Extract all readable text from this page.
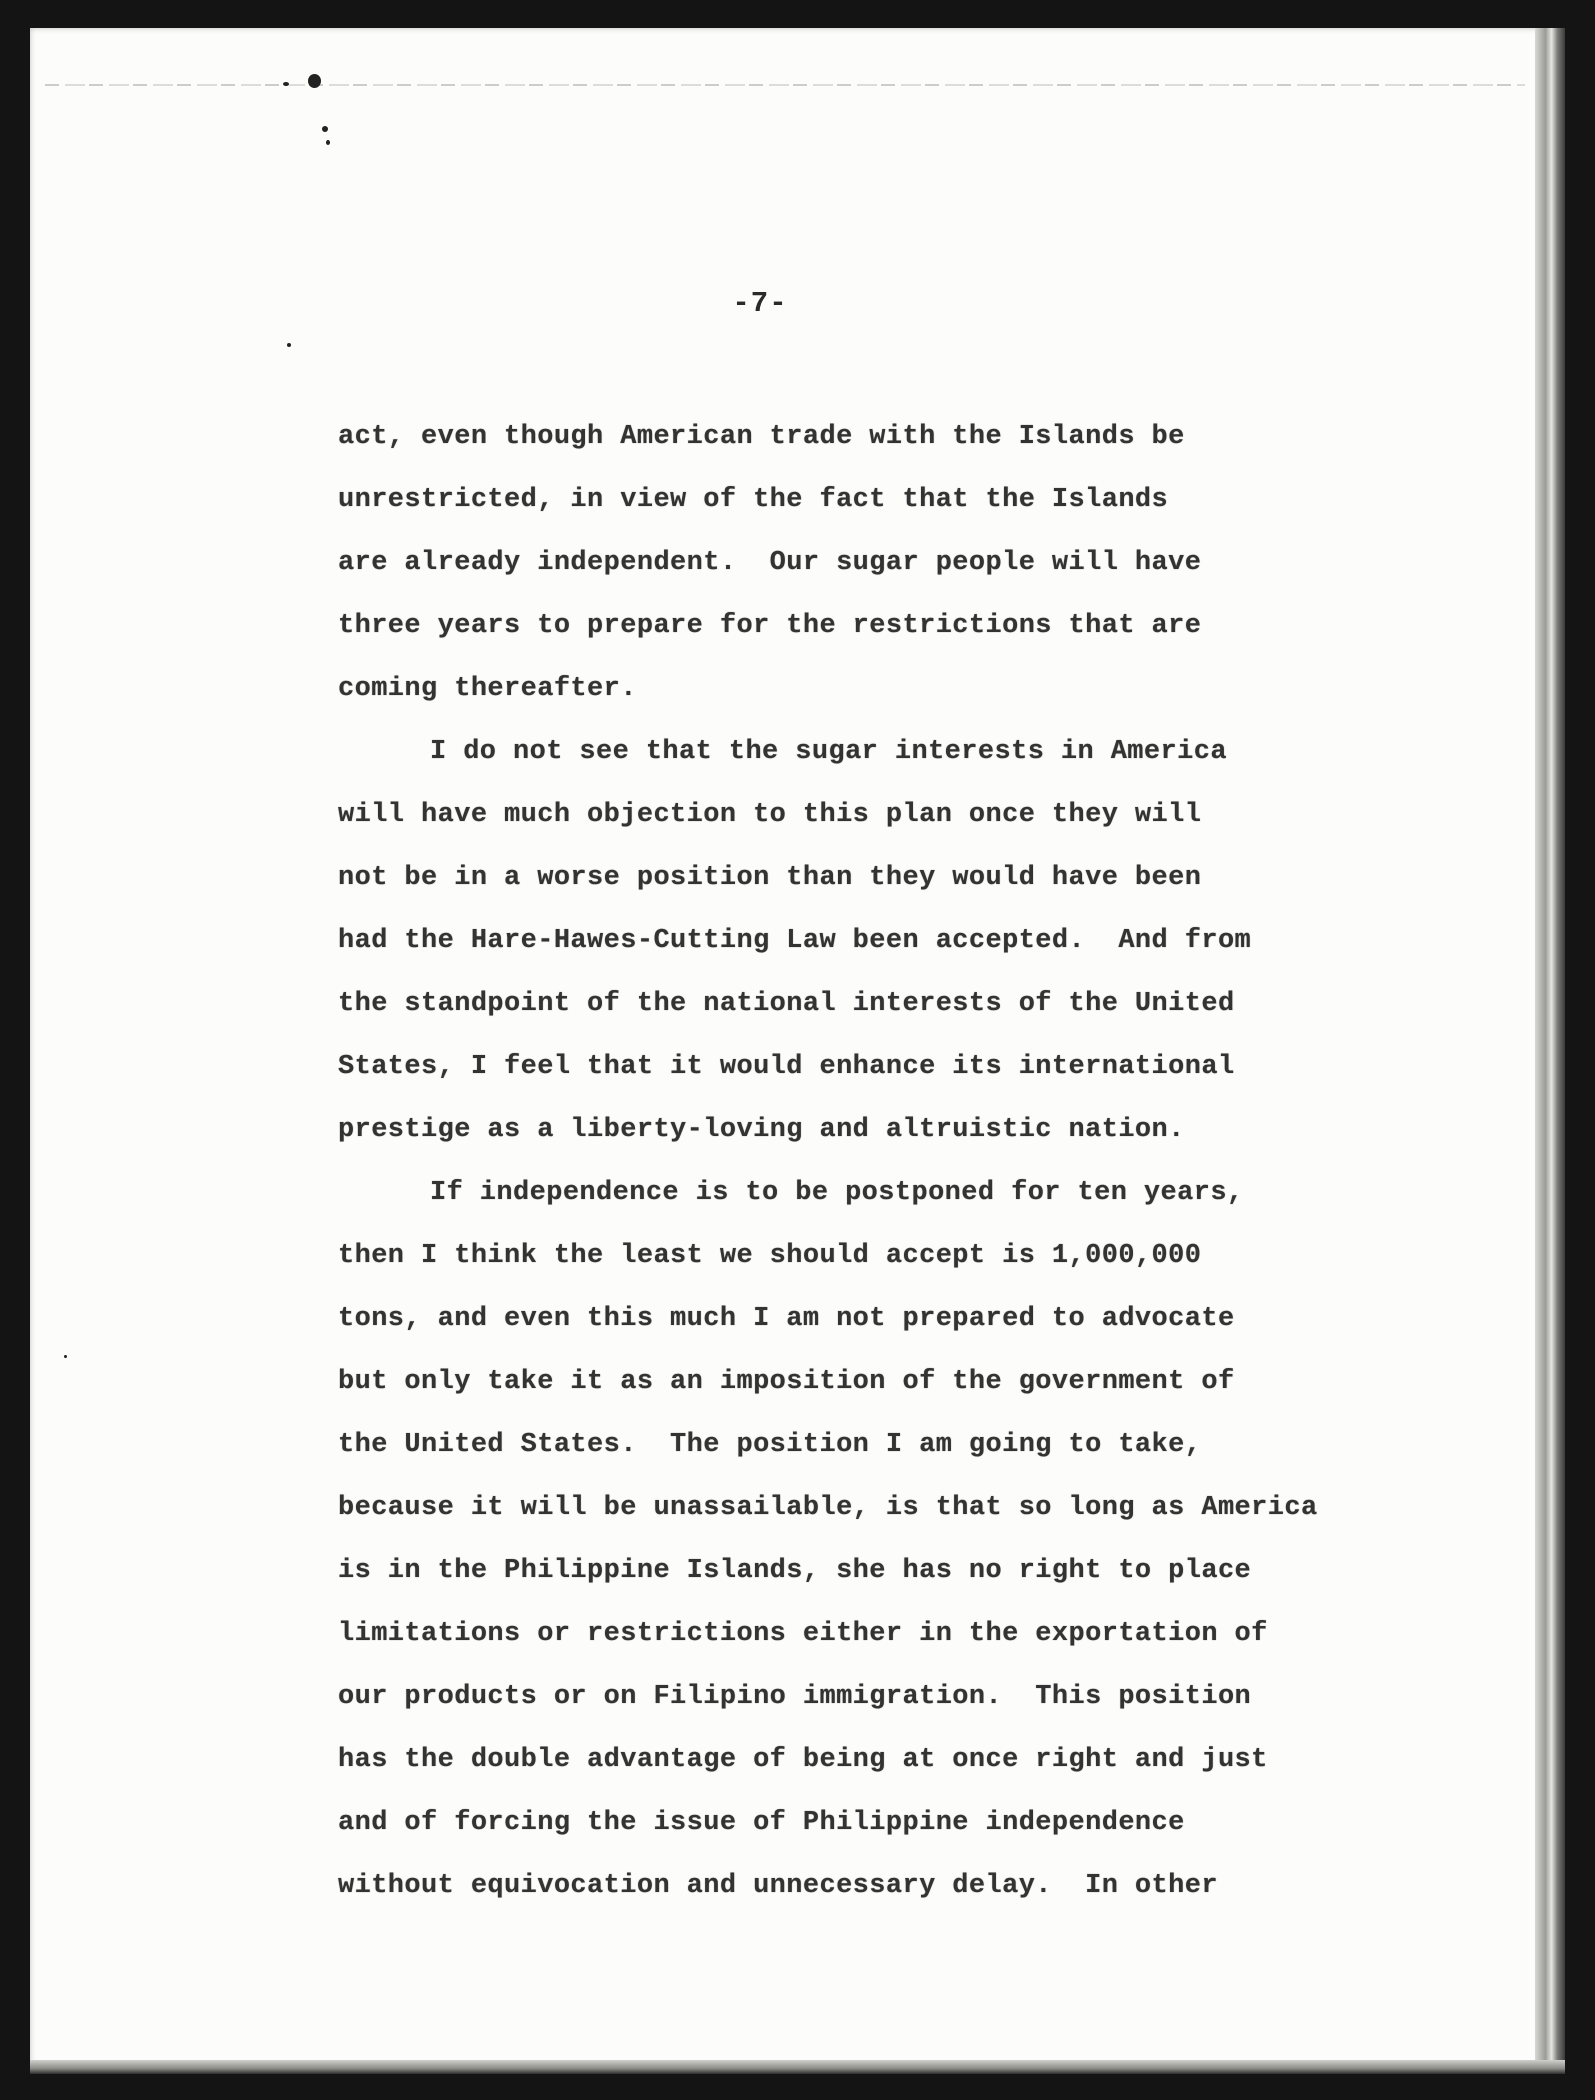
-7-
act, even though American trade with the Islands be
unrestricted, in view of the fact that the Islands
are already independent.  Our sugar people will have
three years to prepare for the restrictions that are
coming thereafter.
I do not see that the sugar interests in America
will have much objection to this plan once they will
not be in a worse position than they would have been
had the Hare-Hawes-Cutting Law been accepted.  And from
the standpoint of the national interests of the United
States, I feel that it would enhance its international
prestige as a liberty-loving and altruistic nation.
If independence is to be postponed for ten years,
then I think the least we should accept is 1,000,000
tons, and even this much I am not prepared to advocate
but only take it as an imposition of the government of
the United States.  The position I am going to take,
because it will be unassailable, is that so long as America
is in the Philippine Islands, she has no right to place
limitations or restrictions either in the exportation of
our products or on Filipino immigration.  This position
has the double advantage of being at once right and just
and of forcing the issue of Philippine independence
without equivocation and unnecessary delay.  In other
